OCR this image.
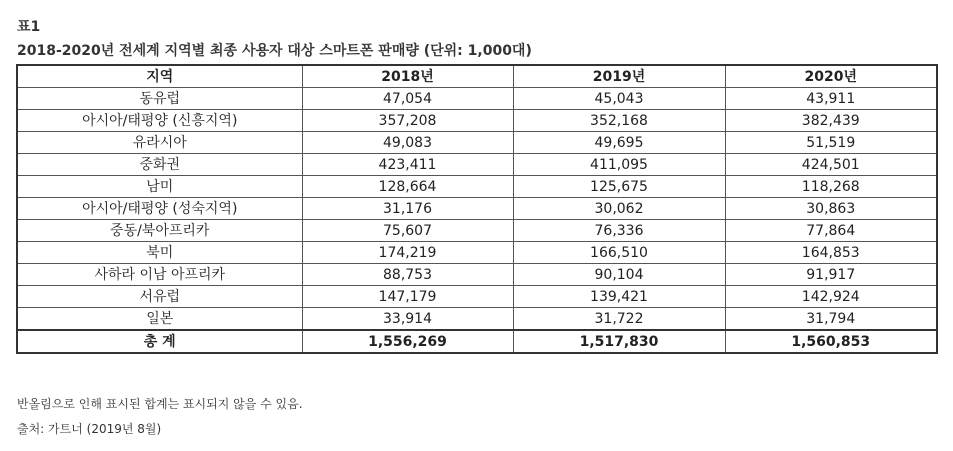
표1
2018-2020년 전세계 지역별 최종 사용자 대상 스마트폰 판매량 (단위: 1,000대)
지역	2018년	2019년	2020년
동유럽	47,054	45,043	43,911
아시아/태평양 (신흥지역)	357,208	352,168	382,439
유라시아	49,083	49,695	51,519
중화권	423,411	411,095	424,501
남미	128,664	125,675	118,268
아시아/태평양 (성숙지역)	31,176	30,062	30,863
중동/북아프리카	75,607	76,336	77,864
북미	174,219	166,510	164,853
사하라 이남 아프리카	88,753	90,104	91,917
서유럽	147,179	139,421	142,924
일본	33,914	31,722	31,794
총 계	1,556,269	1,517,830	1,560,853
반올림으로 인해 표시된 합계는 표시되지 않을 수 있음.
출처: 가트너 (2019년 8월)
